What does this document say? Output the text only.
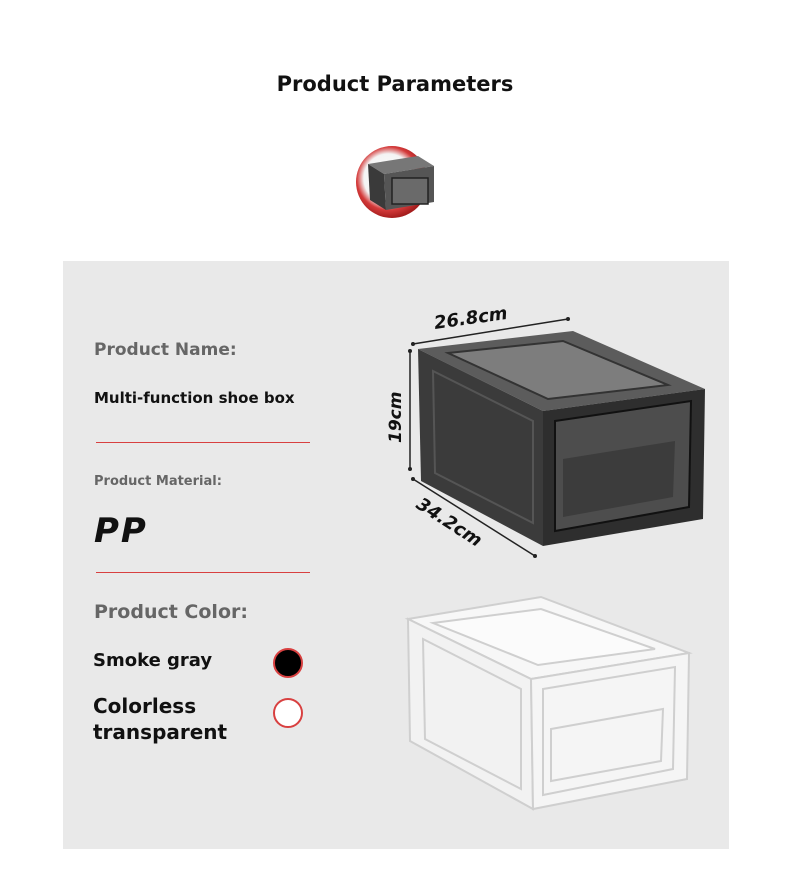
Product Parameters
Product Name:
Multi-function shoe box
Product Material:
PP
Product Color:
Smoke gray
Colorless
transparent
26.8cm
19cm
34.2cm
